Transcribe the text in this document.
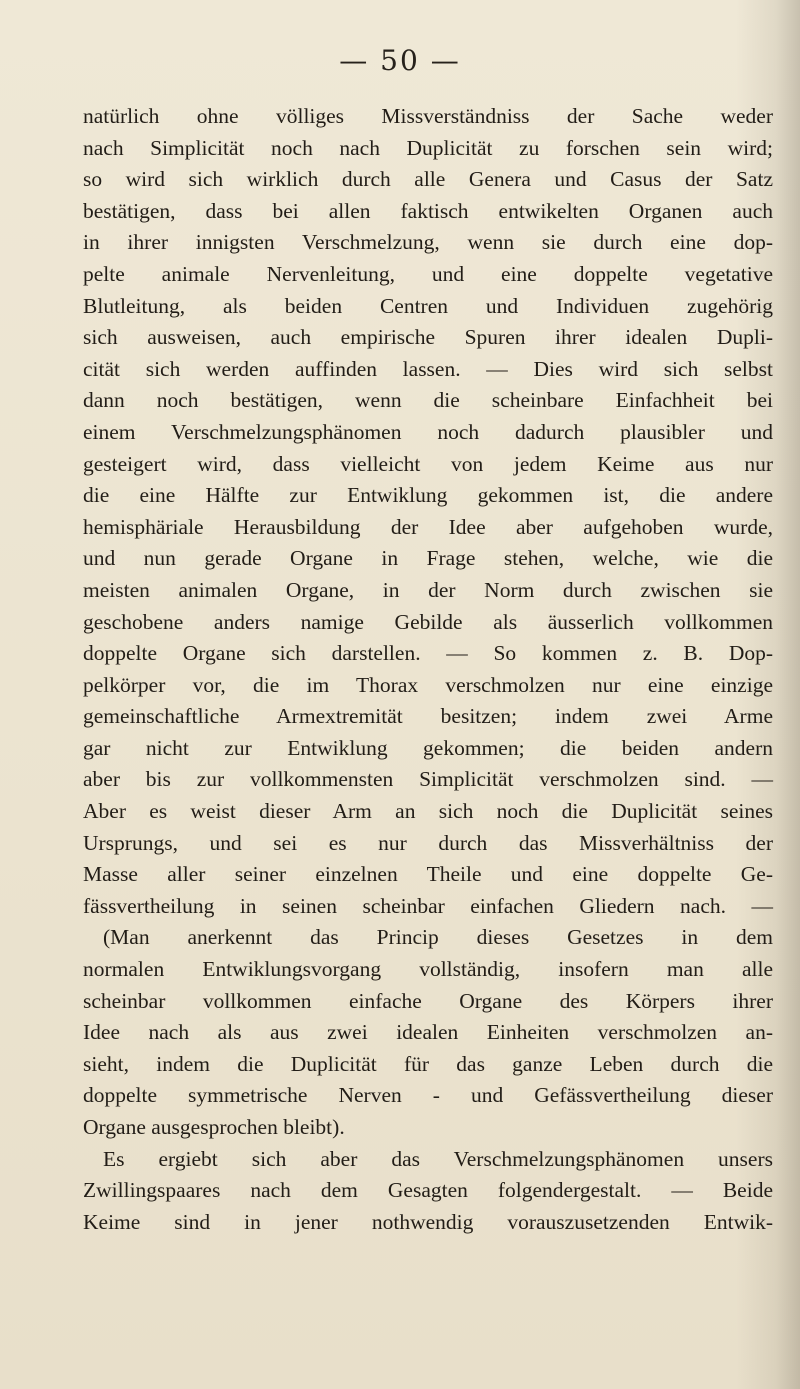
— 50 —
natürlich ohne völliges Missverständniss der Sache weder
nach Simplicität noch nach Duplicität zu forschen sein wird;
so wird sich wirklich durch alle Genera und Casus der Satz
bestätigen, dass bei allen faktisch entwikelten Organen auch
in ihrer innigsten Verschmelzung, wenn sie durch eine dop-
pelte animale Nervenleitung, und eine doppelte vegetative
Blutleitung, als beiden Centren und Individuen zugehörig
sich ausweisen, auch empirische Spuren ihrer idealen Dupli-
cität sich werden auffinden lassen. — Dies wird sich selbst
dann noch bestätigen, wenn die scheinbare Einfachheit bei
einem Verschmelzungsphänomen noch dadurch plausibler und
gesteigert wird, dass vielleicht von jedem Keime aus nur
die eine Hälfte zur Entwiklung gekommen ist, die andere
hemisphäriale Herausbildung der Idee aber aufgehoben wurde,
und nun gerade Organe in Frage stehen, welche, wie die
meisten animalen Organe, in der Norm durch zwischen sie
geschobene anders namige Gebilde als äusserlich vollkommen
doppelte Organe sich darstellen. — So kommen z. B. Dop-
pelkörper vor, die im Thorax verschmolzen nur eine einzige
gemeinschaftliche Armextremität besitzen; indem zwei Arme
gar nicht zur Entwiklung gekommen; die beiden andern
aber bis zur vollkommensten Simplicität verschmolzen sind. —
Aber es weist dieser Arm an sich noch die Duplicität seines
Ursprungs, und sei es nur durch das Missverhältniss der
Masse aller seiner einzelnen Theile und eine doppelte Ge-
fässvertheilung in seinen scheinbar einfachen Gliedern nach. —
(Man anerkennt das Princip dieses Gesetzes in dem
normalen Entwiklungsvorgang vollständig, insofern man alle
scheinbar vollkommen einfache Organe des Körpers ihrer
Idee nach als aus zwei idealen Einheiten verschmolzen an-
sieht, indem die Duplicität für das ganze Leben durch die
doppelte symmetrische Nerven - und Gefässvertheilung dieser
Organe ausgesprochen bleibt).
Es ergiebt sich aber das Verschmelzungsphänomen unsers
Zwillingspaares nach dem Gesagten folgendergestalt. — Beide
Keime sind in jener nothwendig vorauszusetzenden Entwik-
